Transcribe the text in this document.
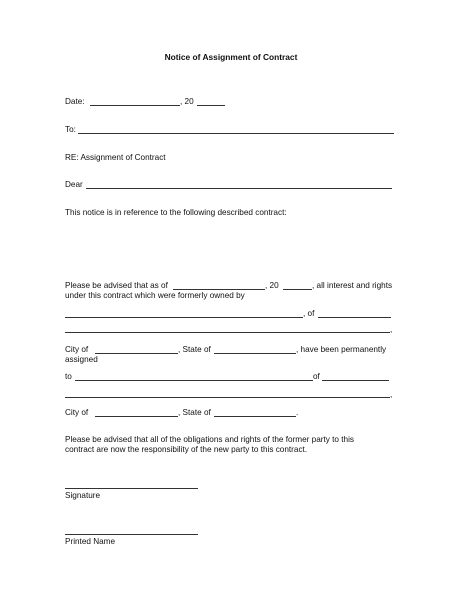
Notice of Assignment of Contract
Date:	, 20
To:
RE: Assignment of Contract
Dear
This notice is in reference to the following described contract:
Please be advised that as of	, 20	, all interest and rights
under this contract which were formerly owned by
, of
,
City of	, State of	, have been permanently
assigned
to	of
,
City of	, State of	.
Please be advised that all of the obligations and rights of the former party to this
contract are now the responsibility of the new party to this contract.
Signature
Printed Name
